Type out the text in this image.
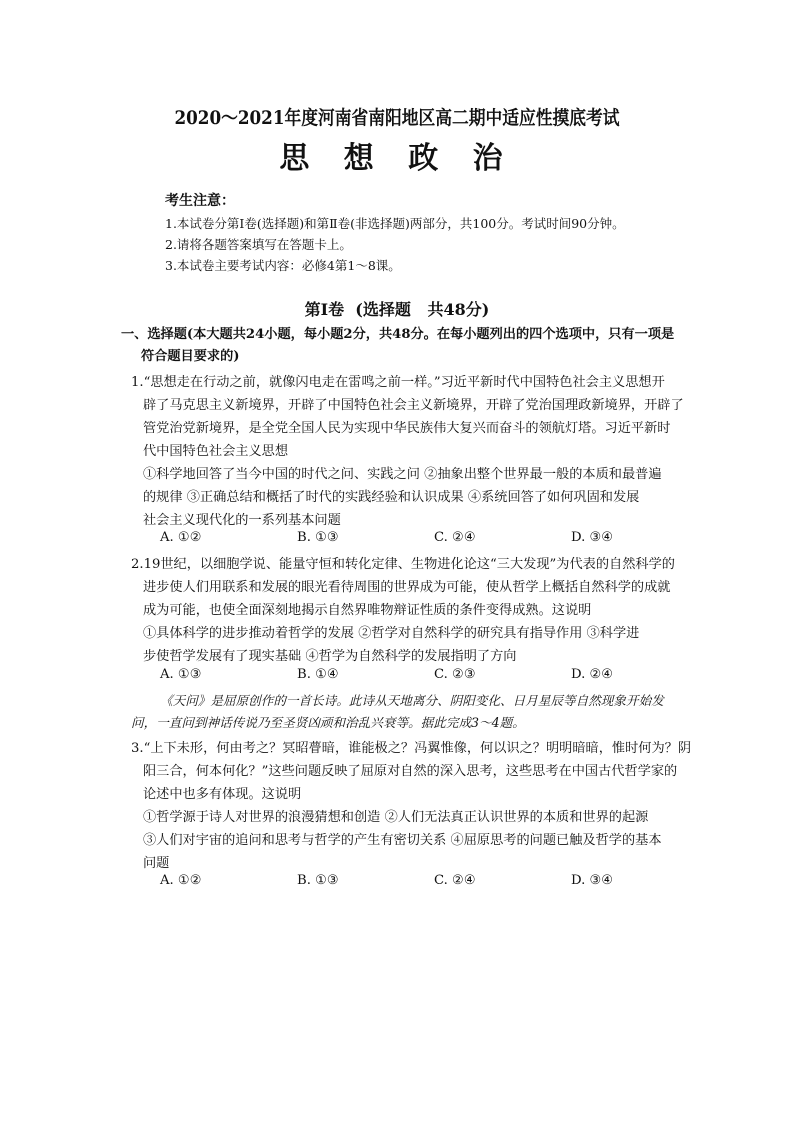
2020～2021年度河南省南阳地区高二期中适应性摸底考试
思 想 政 治
考生注意：
1.本试卷分第Ⅰ卷(选择题)和第Ⅱ卷(非选择题)两部分，共100分。考试时间90分钟。
2.请将各题答案填写在答题卡上。
3.本试卷主要考试内容：必修4第1～8课。
第Ⅰ卷  (选择题   共48分)
一、选择题(本大题共24小题，每小题2分，共48分。在每小题列出的四个选项中，只有一项是
符合题目要求的)
1.“思想走在行动之前，就像闪电走在雷鸣之前一样。”习近平新时代中国特色社会主义思想开
辟了马克思主义新境界，开辟了中国特色社会主义新境界，开辟了党治国理政新境界，开辟了
管党治党新境界，是全党全国人民为实现中华民族伟大复兴而奋斗的领航灯塔。习近平新时
代中国特色社会主义思想
①科学地回答了当今中国的时代之问、实践之问 ②抽象出整个世界最一般的本质和最普遍
的规律 ③正确总结和概括了时代的实践经验和认识成果 ④系统回答了如何巩固和发展
社会主义现代化的一系列基本问题
A. ①②	B. ①③	C. ②④	D. ③④
2.19世纪，以细胞学说、能量守恒和转化定律、生物进化论这“三大发现”为代表的自然科学的
进步使人们用联系和发展的眼光看待周围的世界成为可能，使从哲学上概括自然科学的成就
成为可能，也使全面深刻地揭示自然界唯物辩证性质的条件变得成熟。这说明
①具体科学的进步推动着哲学的发展 ②哲学对自然科学的研究具有指导作用 ③科学进
步使哲学发展有了现实基础 ④哲学为自然科学的发展指明了方向
A. ①③	B. ①④	C. ②③	D. ②④
《天问》是屈原创作的一首长诗。此诗从天地离分、阴阳变化、日月星辰等自然现象开始发
问，一直问到神话传说乃至圣贤凶顽和治乱兴衰等。据此完成3～4题。
3.“上下未形，何由考之？冥昭瞢暗，谁能极之？冯翼惟像，何以识之？明明暗暗，惟时何为？阴
阳三合，何本何化？”这些问题反映了屈原对自然的深入思考，这些思考在中国古代哲学家的
论述中也多有体现。这说明
①哲学源于诗人对世界的浪漫猜想和创造 ②人们无法真正认识世界的本质和世界的起源
③人们对宇宙的追问和思考与哲学的产生有密切关系 ④屈原思考的问题已触及哲学的基本
问题
A. ①②	B. ①③	C. ②④	D. ③④
